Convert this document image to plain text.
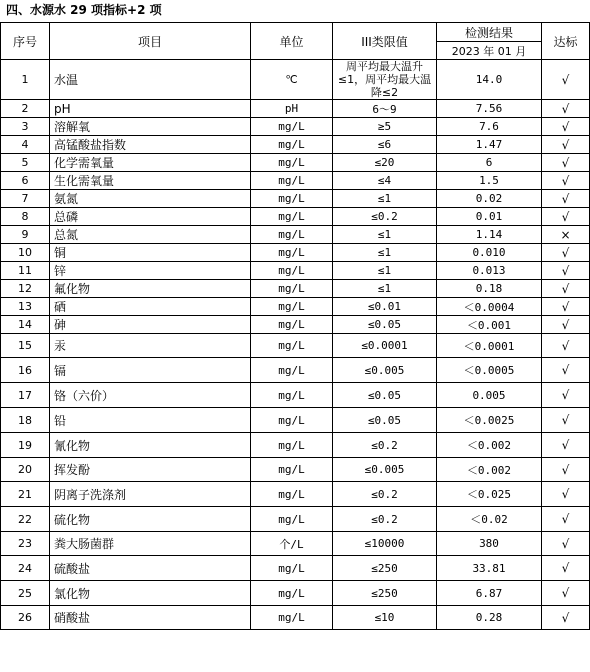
四、水源水 29 项指标+2 项
序号	项目	单位	III类限值	检测结果	达标
				2023 年 01 月	
1	水温	℃	周平均最大温升≤1，周平均最大温降≤2	14.0	√
2	pH	pH	6～9	7.56	√
3	溶解氧	mg/L	≥5	7.6	√
4	高锰酸盐指数	mg/L	≤6	1.47	√
5	化学需氧量	mg/L	≤20	6	√
6	生化需氧量	mg/L	≤4	1.5	√
7	氨氮	mg/L	≤1	0.02	√
8	总磷	mg/L	≤0.2	0.01	√
9	总氮	mg/L	≤1	1.14	×
10	铜	mg/L	≤1	0.010	√
11	锌	mg/L	≤1	0.013	√
12	氟化物	mg/L	≤1	0.18	√
13	硒	mg/L	≤0.01	＜0.0004	√
14	砷	mg/L	≤0.05	＜0.001	√
15	汞	mg/L	≤0.0001	＜0.0001	√
16	镉	mg/L	≤0.005	＜0.0005	√
17	铬（六价）	mg/L	≤0.05	0.005	√
18	铅	mg/L	≤0.05	＜0.0025	√
19	氰化物	mg/L	≤0.2	＜0.002	√
20	挥发酚	mg/L	≤0.005	＜0.002	√
21	阴离子洗涤剂	mg/L	≤0.2	＜0.025	√
22	硫化物	mg/L	≤0.2	＜0.02	√
23	粪大肠菌群	个/L	≤10000	380	√
24	硫酸盐	mg/L	≤250	33.81	√
25	氯化物	mg/L	≤250	6.87	√
26	硝酸盐	mg/L	≤10	0.28	√
